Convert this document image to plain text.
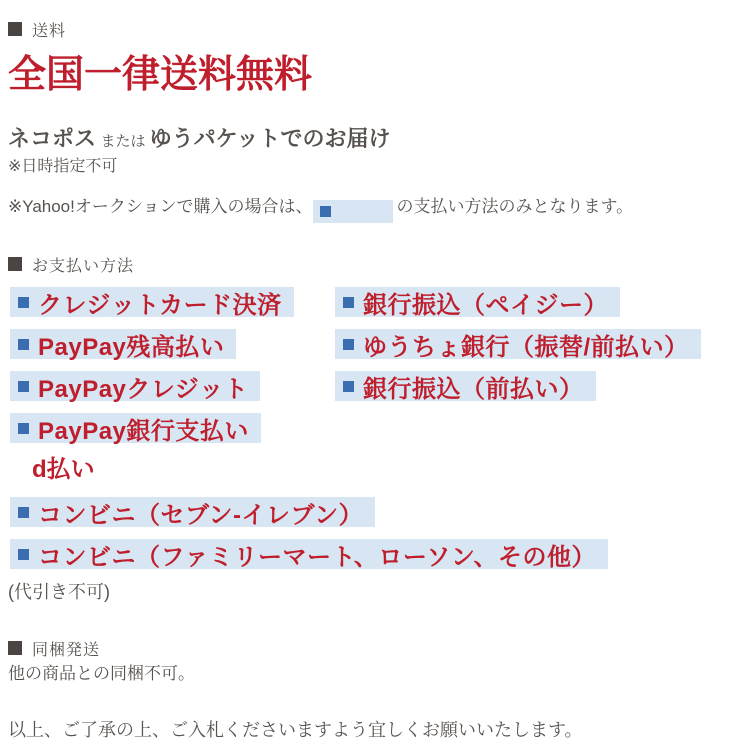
送料
全国一律送料無料
ネコポス または ゆうパケットでのお届け
※日時指定不可
※Yahoo!オークションで購入の場合は、	の支払い方法のみとなります。
お支払い方法
クレジットカード決済	銀行振込（ペイジー）
PayPay残高払い	ゆうちょ銀行（振替/前払い）
PayPayクレジット	銀行振込（前払い）
PayPay銀行支払い
d払い
コンビニ（セブン-イレブン）
コンビニ（ファミリーマート、ローソン、その他）
(代引き不可)
同梱発送
他の商品との同梱不可。
以上、ご了承の上、ご入札くださいますよう宜しくお願いいたします。
